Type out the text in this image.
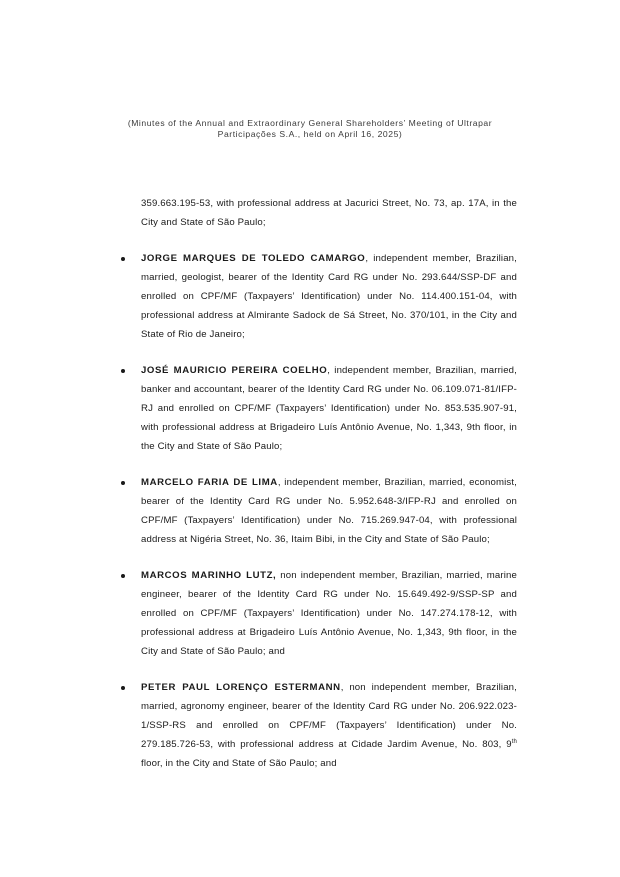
(Minutes of the Annual and Extraordinary General Shareholders’ Meeting of Ultrapar
Participações S.A., held on April 16, 2025)

359.663.195-53, with professional address at Jacurici Street, No. 73, ap. 17A, in the City and State of São Paulo;

JORGE MARQUES DE TOLEDO CAMARGO, independent member, Brazilian, married, geologist, bearer of the Identity Card RG under No. 293.644/SSP-DF and enrolled on CPF/MF (Taxpayers’ Identification) under No. 114.400.151-04, with professional address at Almirante Sadock de Sá Street, No. 370/101, in the City and State of Rio de Janeiro;

JOSÉ MAURICIO PEREIRA COELHO, independent member, Brazilian, married, banker and accountant, bearer of the Identity Card RG under No. 06.109.071-81/IFP-RJ and enrolled on CPF/MF (Taxpayers’ Identification) under No. 853.535.907-91, with professional address at Brigadeiro Luís Antônio Avenue, No. 1,343, 9th floor, in the City and State of São Paulo;

MARCELO FARIA DE LIMA, independent member, Brazilian, married, economist, bearer of the Identity Card RG under No. 5.952.648-3/IFP-RJ and enrolled on CPF/MF (Taxpayers’ Identification) under No. 715.269.947-04, with professional address at Nigéria Street, No. 36, Itaim Bibi, in the City and State of São Paulo;

MARCOS MARINHO LUTZ, non independent member, Brazilian, married, marine engineer, bearer of the Identity Card RG under No. 15.649.492-9/SSP-SP and enrolled on CPF/MF (Taxpayers’ Identification) under No. 147.274.178-12, with professional address at Brigadeiro Luís Antônio Avenue, No. 1,343, 9th floor, in the City and State of São Paulo; and

PETER PAUL LORENÇO ESTERMANN, non independent member, Brazilian, married, agronomy engineer, bearer of the Identity Card RG under No. 206.922.023-1/SSP-RS and enrolled on CPF/MF (Taxpayers’ Identification) under No. 279.185.726-53, with professional address at Cidade Jardim Avenue, No. 803, 9th floor, in the City and State of São Paulo; and
